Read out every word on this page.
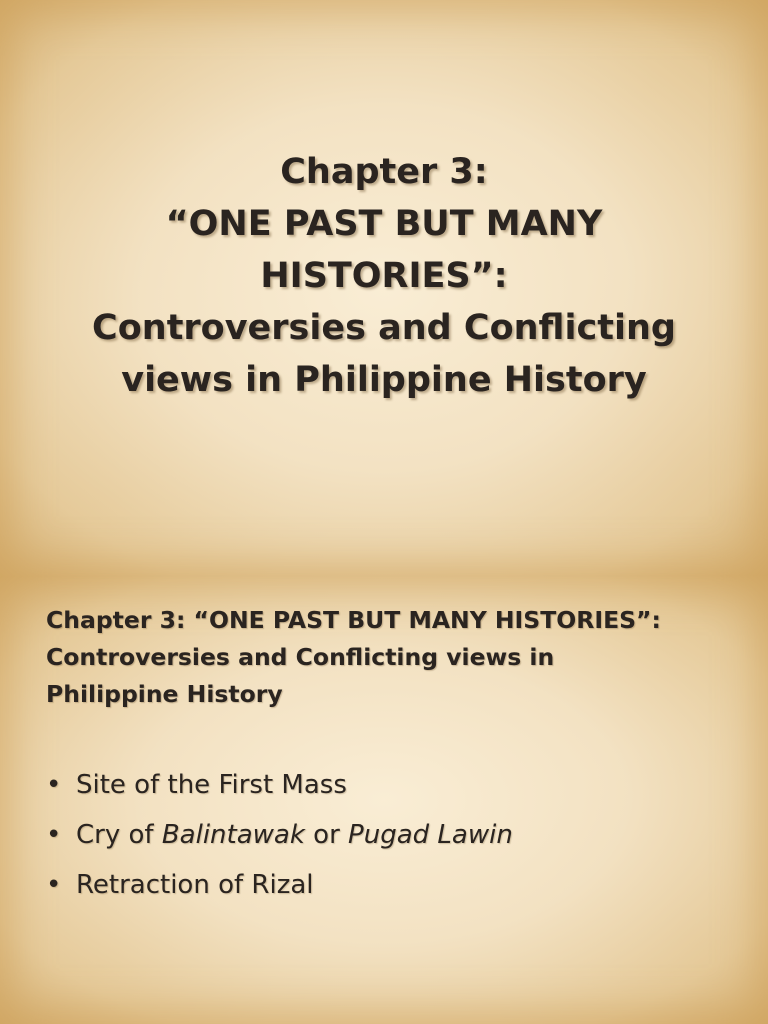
Chapter 3:
“ONE PAST BUT MANY
HISTORIES”:
Controversies and Conflicting
views in Philippine History
Chapter 3: “ONE PAST BUT MANY HISTORIES”:
Controversies and Conflicting views in
Philippine History
• Site of the First Mass
• Cry of Balintawak or Pugad Lawin
• Retraction of Rizal
